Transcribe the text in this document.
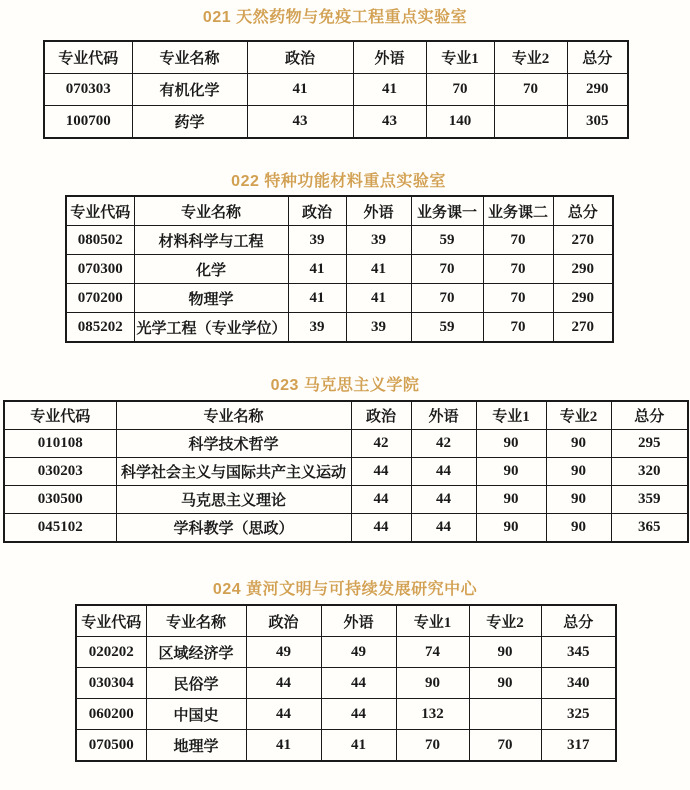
021 天然药物与免疫工程重点实验室
专业代码	专业名称	政治	外语	专业1	专业2	总分
070303	有机化学	41	41	70	70	290
100700	药学	43	43	140		305
022 特种功能材料重点实验室
专业代码	专业名称	政治	外语	业务课一	业务课二	总分
080502	材料科学与工程	39	39	59	70	270
070300	化学	41	41	70	70	290
070200	物理学	41	41	70	70	290
085202	光学工程（专业学位）	39	39	59	70	270
023 马克思主义学院
专业代码	专业名称	政治	外语	专业1	专业2	总分
010108	科学技术哲学	42	42	90	90	295
030203	科学社会主义与国际共产主义运动	44	44	90	90	320
030500	马克思主义理论	44	44	90	90	359
045102	学科教学（思政）	44	44	90	90	365
024 黄河文明与可持续发展研究中心
专业代码	专业名称	政治	外语	专业1	专业2	总分
020202	区域经济学	49	49	74	90	345
030304	民俗学	44	44	90	90	340
060200	中国史	44	44	132		325
070500	地理学	41	41	70	70	317
